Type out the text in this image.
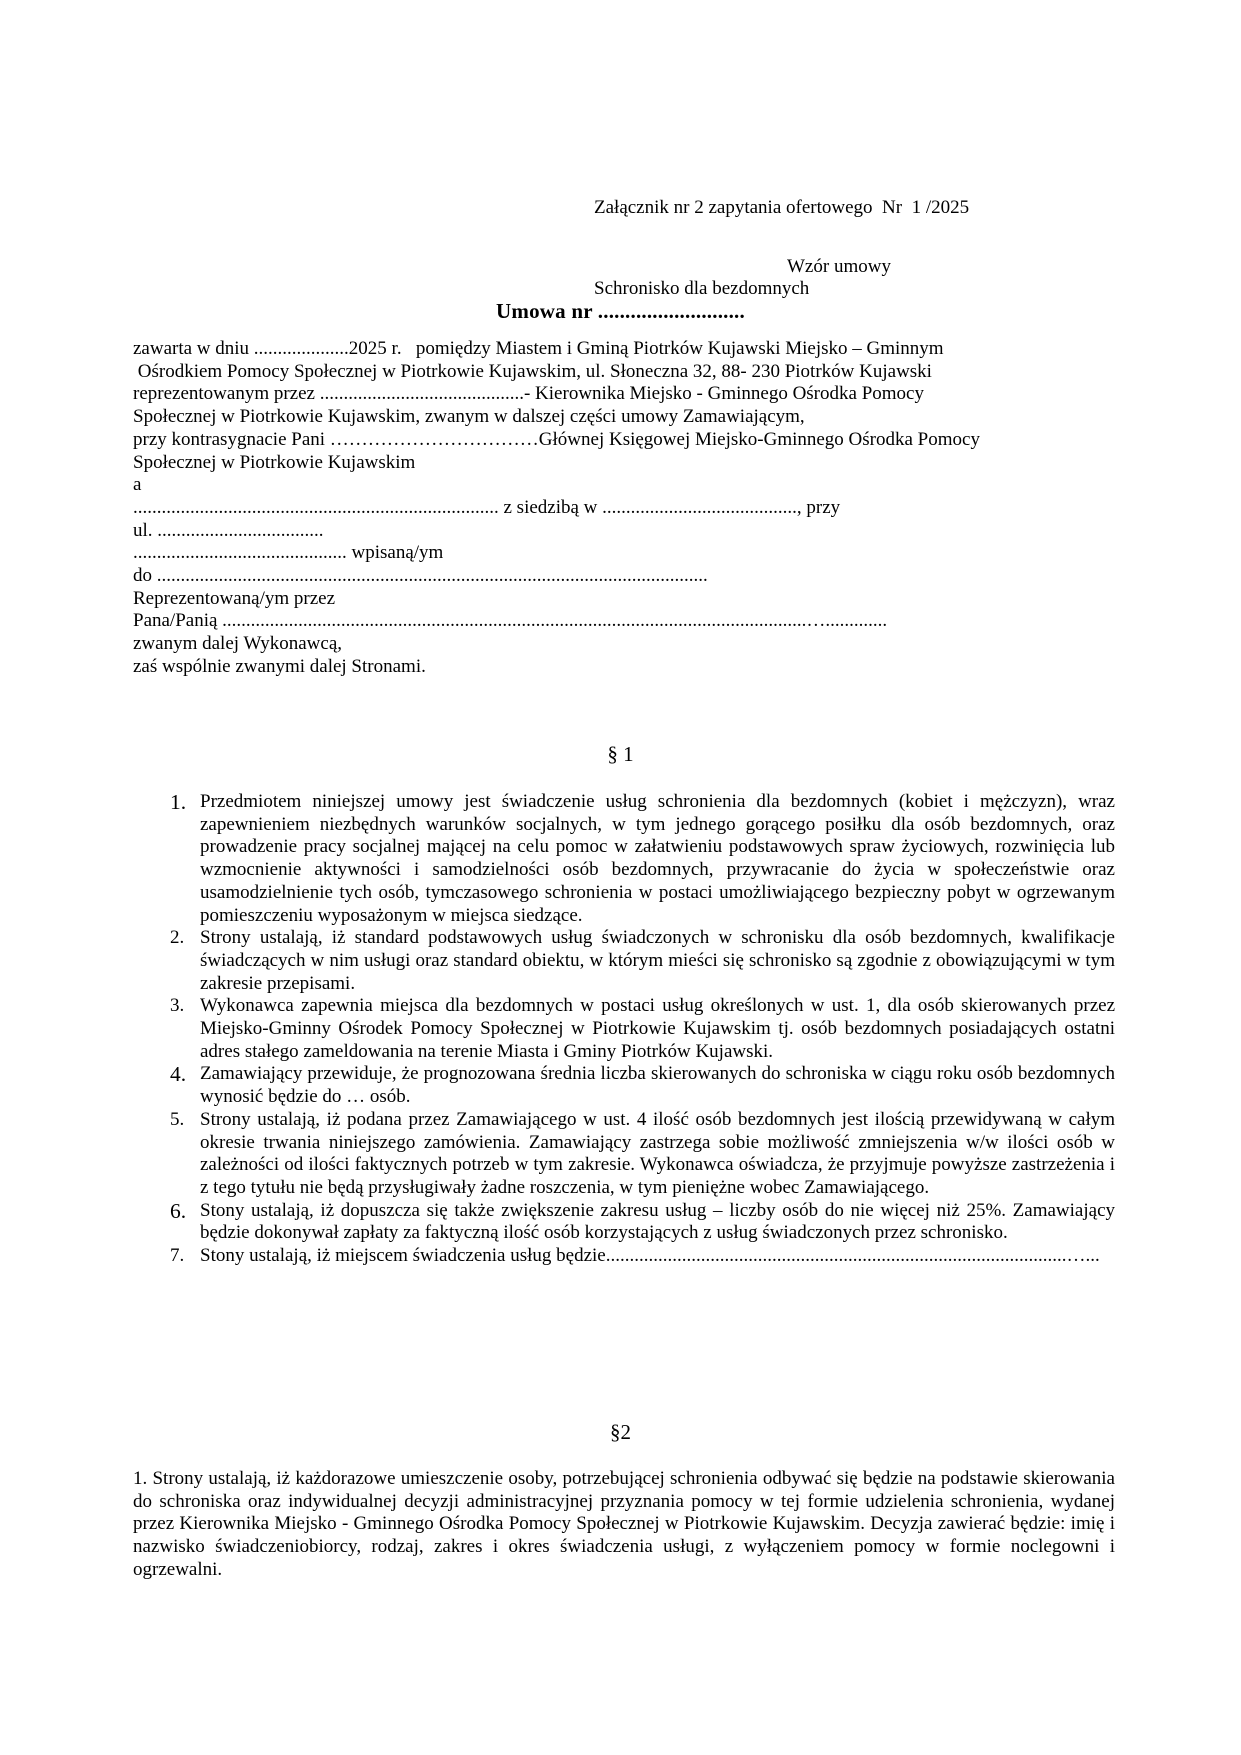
Załącznik nr 2 zapytania ofertowego  Nr  1 /2025

Schronisko dla bezdomnych

Wzór umowy
Umowa nr ...........................
zawarta w dniu ....................2025 r.   pomiędzy Miastem i Gminą Piotrków Kujawski Miejsko – Gminnym
Ośrodkiem Pomocy Społecznej w Piotrkowie Kujawskim, ul. Słoneczna 32, 88- 230 Piotrków Kujawski
reprezentowanym przez ...........................................- Kierownika Miejsko - Gminnego Ośrodka Pomocy
Społecznej w Piotrkowie Kujawskim, zwanym w dalszej części umowy Zamawiającym,
przy kontrasygnacie Pani ……………………………Głównej Księgowej Miejsko-Gminnego Ośrodka Pomocy
Społecznej w Piotrkowie Kujawskim
a
............................................................................. z siedzibą w ........................................., przy
ul. ...................................
............................................. wpisaną/ym
do ....................................................................................................................
Reprezentowaną/ym przez
Pana/Panią ...........................................................................................................................….............
zwanym dalej Wykonawcą,
zaś wspólnie zwanymi dalej Stronami.
§ 1
1. Przedmiotem niniejszej umowy jest świadczenie usług schronienia dla bezdomnych (kobiet i mężczyzn), wraz zapewnieniem niezbędnych warunków socjalnych, w tym jednego gorącego posiłku dla osób bezdomnych, oraz prowadzenie pracy socjalnej mającej na celu pomoc w załatwieniu podstawowych spraw życiowych, rozwinięcia lub wzmocnienie aktywności i samodzielności osób bezdomnych, przywracanie do życia w społeczeństwie oraz usamodzielnienie tych osób, tymczasowego schronienia w postaci umożliwiającego bezpieczny pobyt w ogrzewanym pomieszczeniu wyposażonym w miejsca siedzące.
2. Strony ustalają, iż standard podstawowych usług świadczonych w schronisku dla osób bezdomnych, kwalifikacje świadczących w nim usługi oraz standard obiektu, w którym mieści się schronisko są zgodnie z obowiązującymi w tym zakresie przepisami.
3. Wykonawca zapewnia miejsca dla bezdomnych w postaci usług określonych w ust. 1, dla osób skierowanych przez Miejsko-Gminny Ośrodek Pomocy Społecznej w Piotrkowie Kujawskim tj. osób bezdomnych posiadających ostatni adres stałego zameldowania na terenie Miasta i Gminy Piotrków Kujawski.
4. Zamawiający przewiduje, że prognozowana średnia liczba skierowanych do schroniska w ciągu roku osób bezdomnych wynosić będzie do … osób.
5. Strony ustalają, iż podana przez Zamawiającego w ust. 4 ilość osób bezdomnych jest ilością przewidywaną w całym okresie trwania niniejszego zamówienia. Zamawiający zastrzega sobie możliwość zmniejszenia w/w ilości osób w zależności od ilości faktycznych potrzeb w tym zakresie. Wykonawca oświadcza, że przyjmuje powyższe zastrzeżenia i z tego tytułu nie będą przysługiwały żadne roszczenia, w tym pieniężne wobec Zamawiającego.
6. Stony ustalają, iż dopuszcza się także zwiększenie zakresu usług – liczby osób do nie więcej niż 25%. Zamawiający będzie dokonywał zapłaty za faktyczną ilość osób korzystających z usług świadczonych przez schronisko.
7. Stony ustalają, iż miejscem świadczenia usług będzie.................................................................................................…...
§2
1. Strony ustalają, iż każdorazowe umieszczenie osoby, potrzebującej schronienia odbywać się będzie na podstawie skierowania do schroniska oraz indywidualnej decyzji administracyjnej przyznania pomocy w tej formie udzielenia schronienia, wydanej przez Kierownika Miejsko - Gminnego Ośrodka Pomocy Społecznej w Piotrkowie Kujawskim. Decyzja zawierać będzie: imię i nazwisko świadczeniobiorcy, rodzaj, zakres i okres świadczenia usługi, z wyłączeniem pomocy w formie noclegowni i ogrzewalni.
